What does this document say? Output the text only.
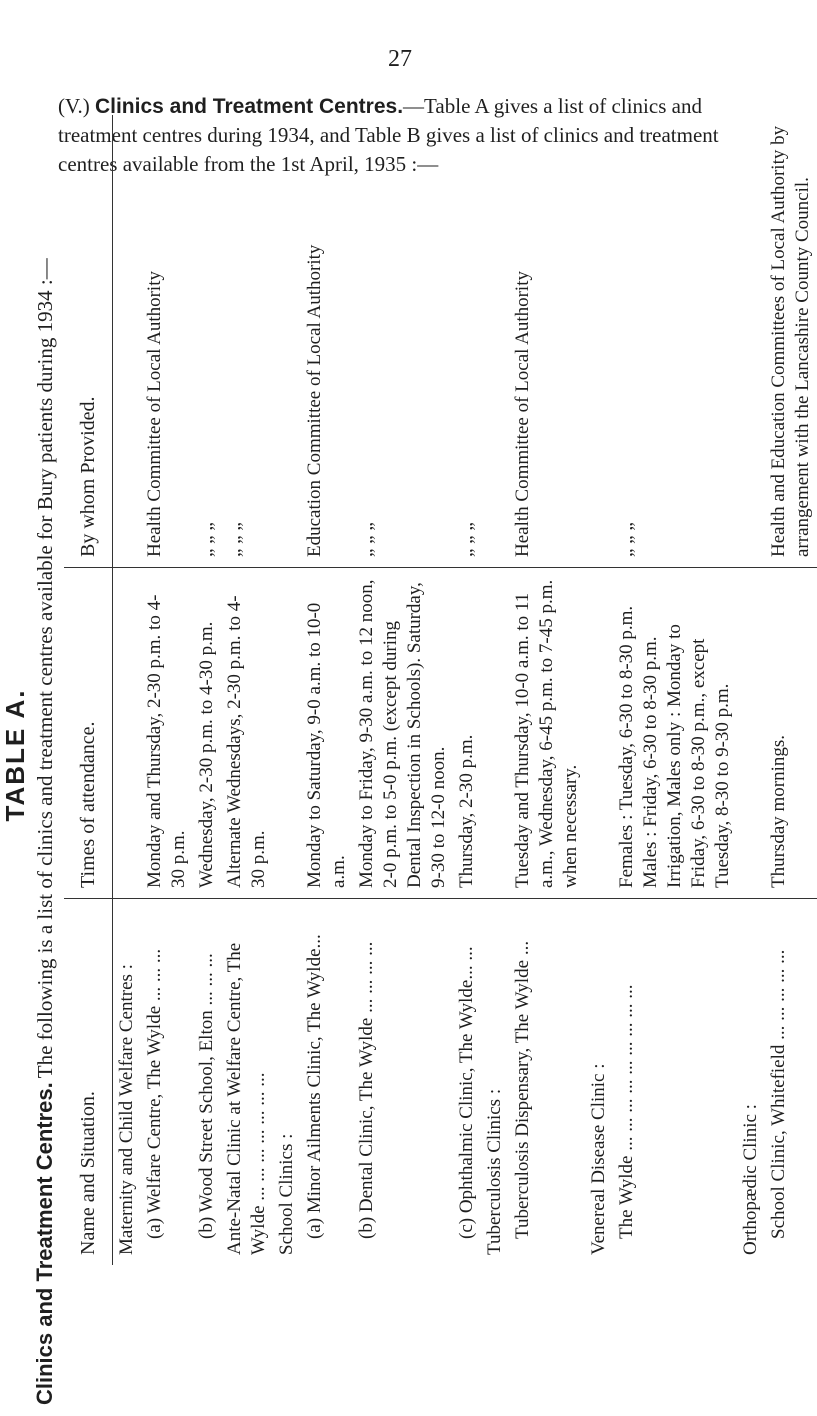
27
(V.) Clinics and Treatment Centres.—Table A gives a list of clinics and treatment centres during 1934, and Table B gives a list of clinics and treatment centres available from the 1st April, 1935 :—
TABLE A.
Clinics and Treatment Centres. The following is a list of clinics and treatment centres available for Bury patients during 1934 :—
Name and Situation.	Times of attendance.	By whom Provided.
Maternity and Child Welfare Centres :		
(a) Welfare Centre, The Wylde ... ... ...	Monday and Thursday, 2-30 p.m. to 4-30 p.m.	Health Committee of Local Authority
(b) Wood Street School, Elton ... ... ...	Wednesday, 2-30 p.m. to 4-30 p.m.	„ „ „
Ante-Natal Clinic at Welfare Centre, The Wylde ... ... ... ... ... ... ...	Alternate Wednesdays, 2-30 p.m. to 4-30 p.m.	„ „ „
School Clinics :		
(a) Minor Ailments Clinic, The Wylde...	Monday to Saturday, 9-0 a.m. to 10-0 a.m.	Education Committee of Local Authority
(b) Dental Clinic, The Wylde ... ... ... ...	Monday to Friday, 9-30 a.m. to 12 noon, 2-0 p.m. to 5-0 p.m. (except during Dental Inspection in Schools). Saturday, 9-30 to 12-0 noon.	„ „ „
(c) Ophthalmic Clinic, The Wylde... ...	Thursday, 2-30 p.m.	„ „ „
Tuberculosis Clinics :		
Tuberculosis Dispensary, The Wylde ...	Tuesday and Thursday, 10-0 a.m. to 11 a.m., Wednesday, 6-45 p.m. to 7-45 p.m. when necessary.	Health Committee of Local Authority
Venereal Disease Clinic :		
The Wylde ... ... ... ... ... ... ... ... ...	Females : Tuesday, 6-30 to 8-30 p.m. Males : Friday, 6-30 to 8-30 p.m. Irrigation, Males only : Monday to Friday, 6-30 to 8-30 p.m., except Tuesday, 8-30 to 9-30 p.m.	„ „ „
Orthopædic Clinic :		
School Clinic, Whitefield ... ... ... ... ...	Thursday mornings.	Health and Education Committees of Local Authority by arrangement with the Lancashire County Council.
